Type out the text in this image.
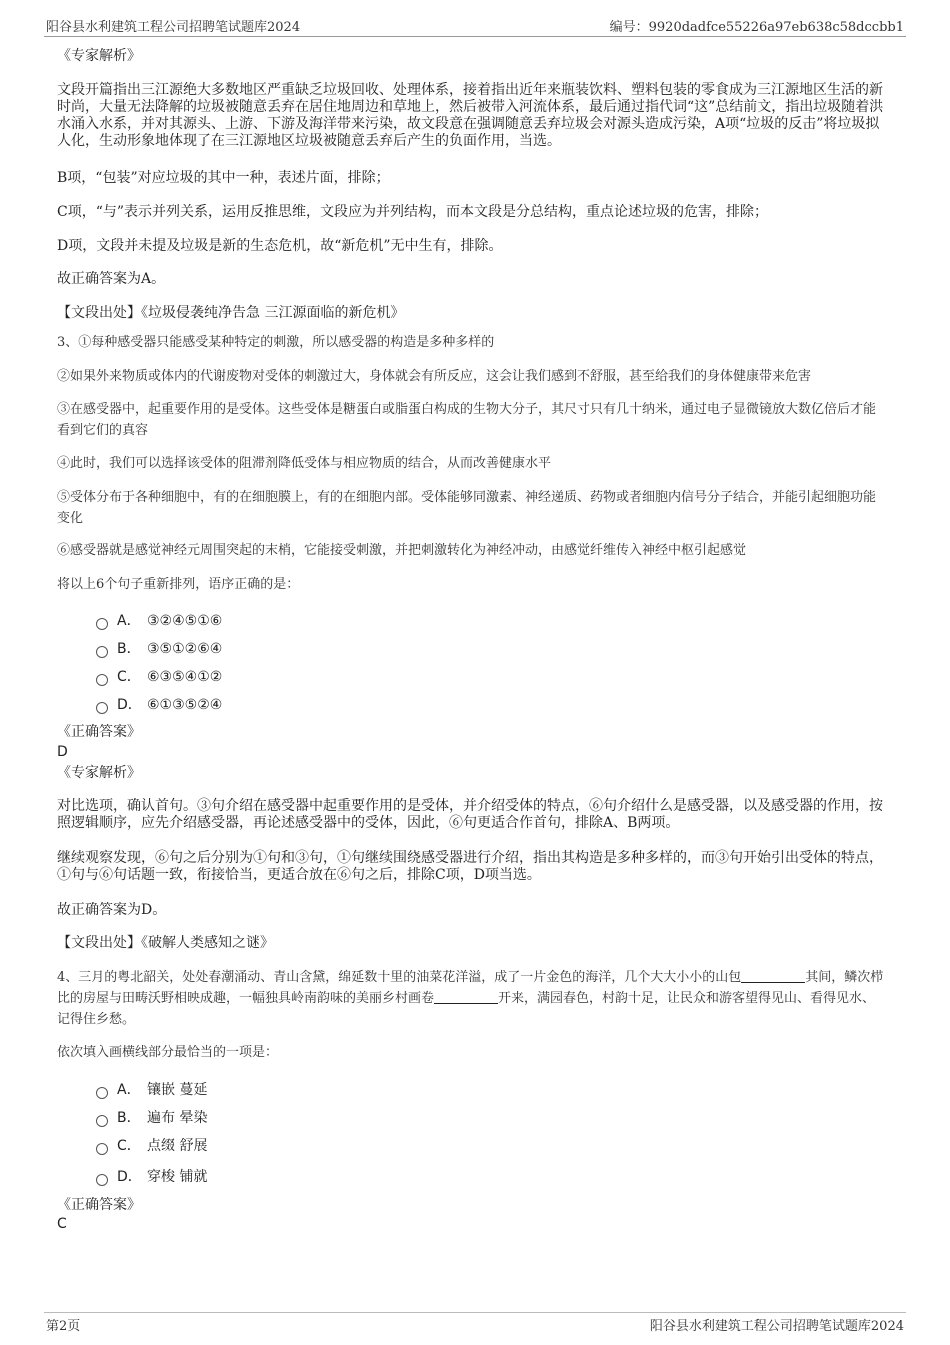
阳谷县水利建筑工程公司招聘笔试题库2024	编号：9920dadfce55226a97eb638c58dccbb1
《专家解析》
文段开篇指出三江源绝大多数地区严重缺乏垃圾回收、处理体系，接着指出近年来瓶装饮料、塑料包装的零食成为三江源地区生活的新时尚，大量无法降解的垃圾被随意丢弃在居住地周边和草地上，然后被带入河流体系，最后通过指代词“这”总结前文，指出垃圾随着洪水涌入水系，并对其源头、上游、下游及海洋带来污染，故文段意在强调随意丢弃垃圾会对源头造成污染，A项“垃圾的反击”将垃圾拟人化，生动形象地体现了在三江源地区垃圾被随意丢弃后产生的负面作用，当选。
B项，“包装”对应垃圾的其中一种，表述片面，排除；
C项，“与”表示并列关系，运用反推思维，文段应为并列结构，而本文段是分总结构，重点论述垃圾的危害，排除；
D项，文段并未提及垃圾是新的生态危机，故“新危机”无中生有，排除。
故正确答案为A。
【文段出处】《垃圾侵袭纯净告急 三江源面临的新危机》
3、①每种感受器只能感受某种特定的刺激，所以感受器的构造是多种多样的
②如果外来物质或体内的代谢废物对受体的刺激过大，身体就会有所反应，这会让我们感到不舒服，甚至给我们的身体健康带来危害
③在感受器中，起重要作用的是受体。这些受体是糖蛋白或脂蛋白构成的生物大分子，其尺寸只有几十纳米，通过电子显微镜放大数亿倍后才能看到它们的真容
④此时，我们可以选择该受体的阻滞剂降低受体与相应物质的结合，从而改善健康水平
⑤受体分布于各种细胞中，有的在细胞膜上，有的在细胞内部。受体能够同激素、神经递质、药物或者细胞内信号分子结合，并能引起细胞功能变化
⑥感受器就是感觉神经元周围突起的末梢，它能接受刺激，并把刺激转化为神经冲动，由感觉纤维传入神经中枢引起感觉
将以上6个句子重新排列，语序正确的是：
A． ③②④⑤①⑥
B． ③⑤①②⑥④
C． ⑥③⑤④①②
D． ⑥①③⑤②④
《正确答案》
D
《专家解析》
对比选项，确认首句。③句介绍在感受器中起重要作用的是受体，并介绍受体的特点，⑥句介绍什么是感受器，以及感受器的作用，按照逻辑顺序，应先介绍感受器，再论述感受器中的受体，因此，⑥句更适合作首句，排除A、B两项。
继续观察发现，⑥句之后分别为①句和③句，①句继续围绕感受器进行介绍，指出其构造是多种多样的，而③句开始引出受体的特点，①句与⑥句话题一致，衔接恰当，更适合放在⑥句之后，排除C项，D项当选。
故正确答案为D。
【文段出处】《破解人类感知之谜》
4、三月的粤北韶关，处处春潮涌动、青山含黛，绵延数十里的油菜花洋溢，成了一片金色的海洋，几个大大小小的山包	其间，鳞次栉比的房屋与田畴沃野相映成趣，一幅独具岭南韵味的美丽乡村画卷	开来，满园春色，村韵十足，让民众和游客望得见山、看得见水、记得住乡愁。
依次填入画横线部分最恰当的一项是：
A． 镶嵌 蔓延
B． 遍布 晕染
C． 点缀 舒展
D． 穿梭 铺就
《正确答案》
C
第2页	阳谷县水利建筑工程公司招聘笔试题库2024
